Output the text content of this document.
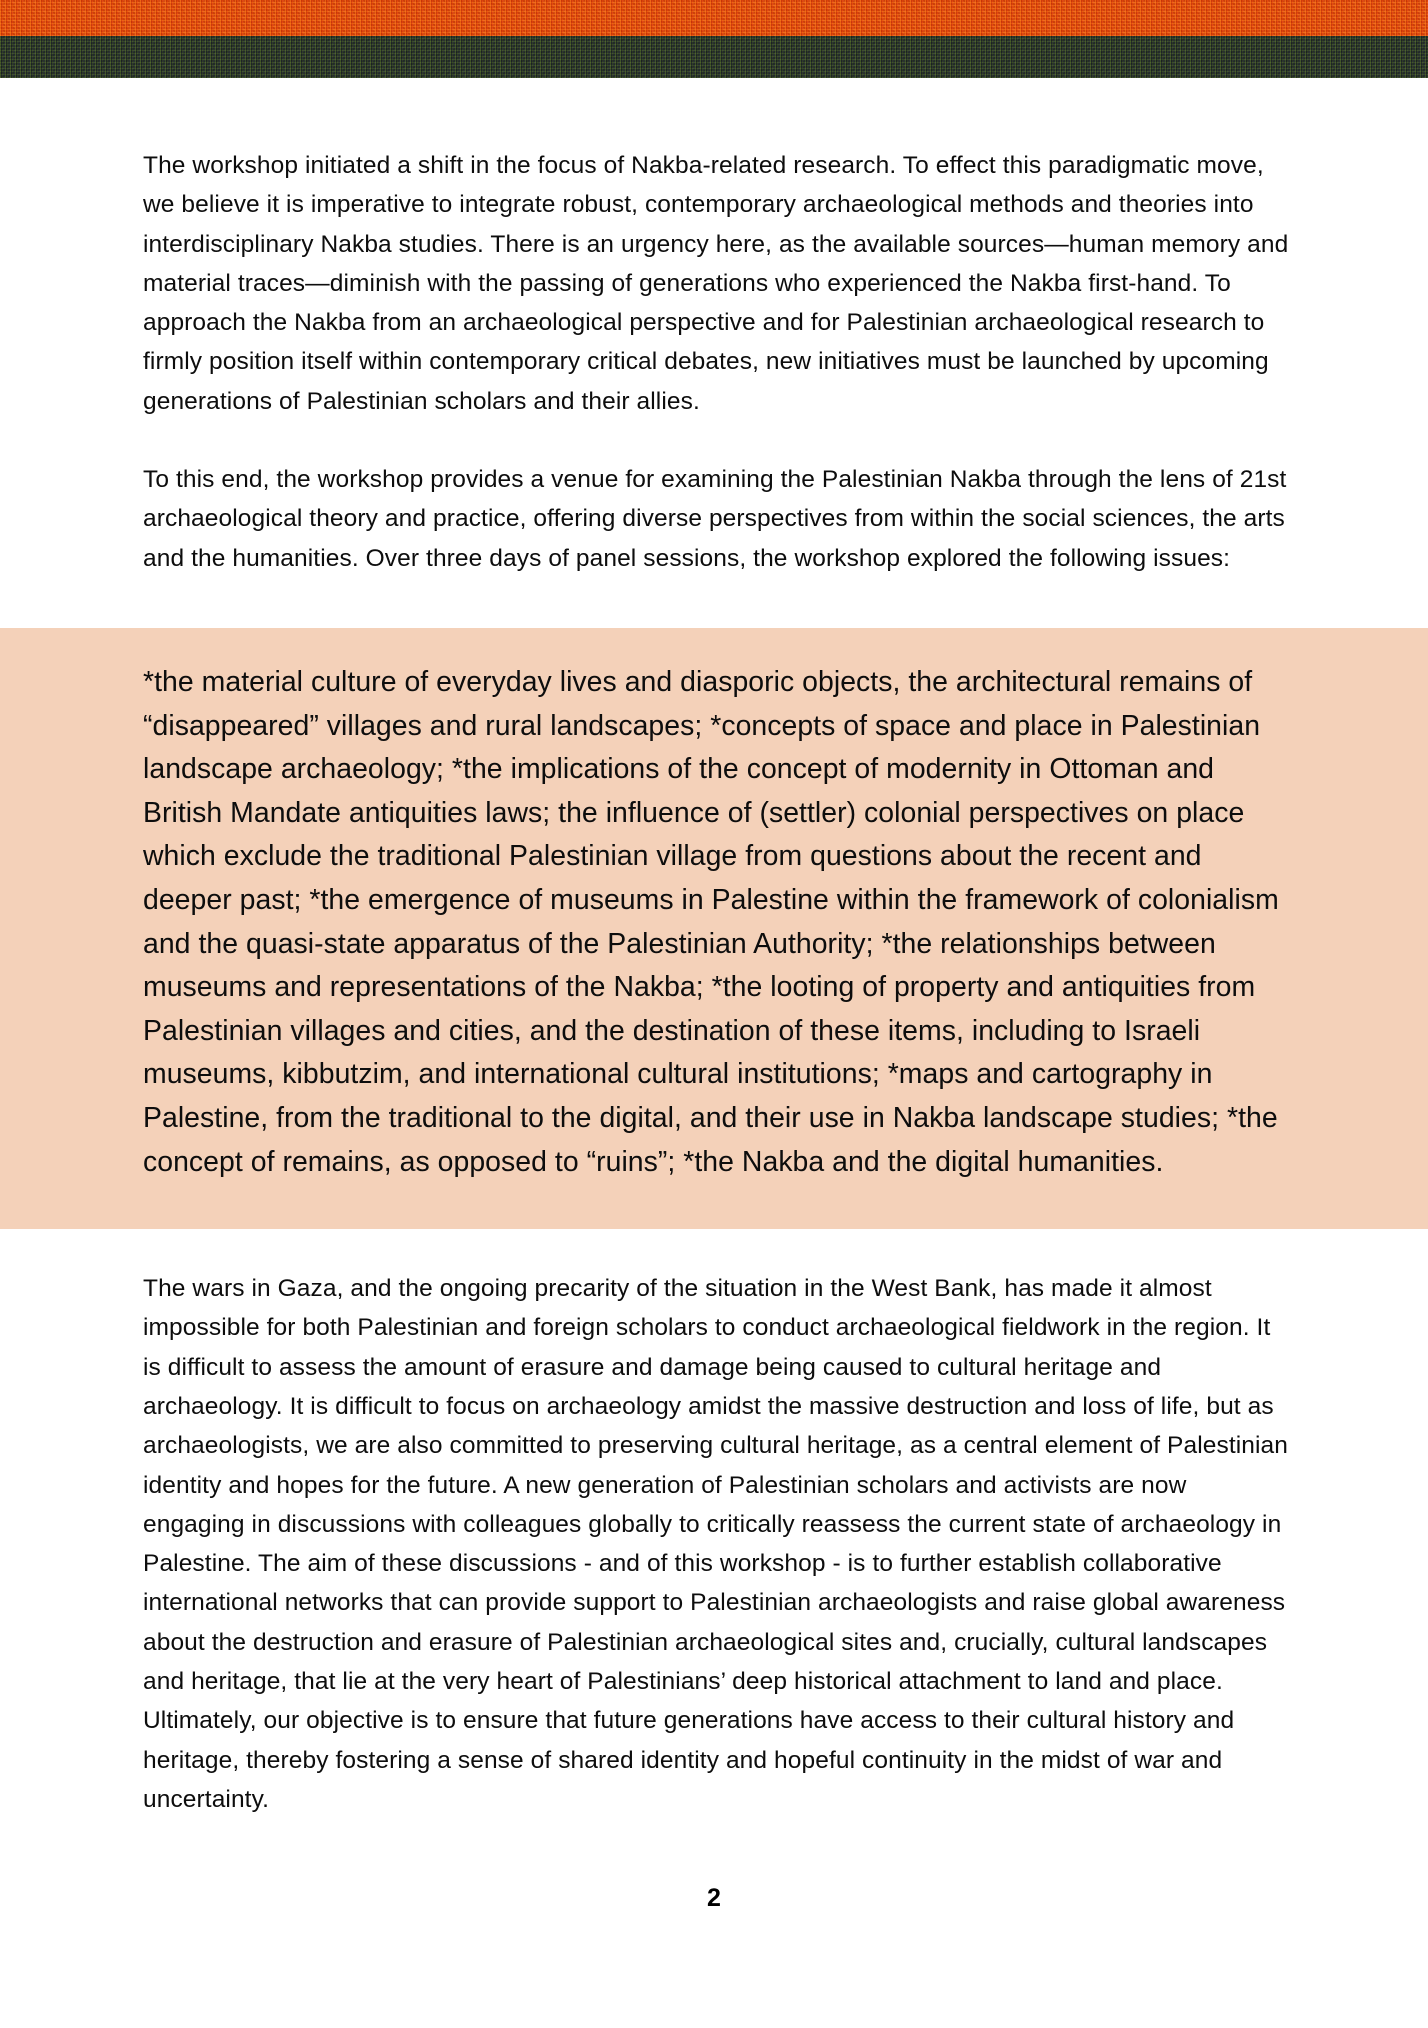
The workshop initiated a shift in the focus of Nakba-related research. To effect this paradigmatic move, we believe it is imperative to integrate robust, contemporary archaeological methods and theories into interdisciplinary Nakba studies. There is an urgency here, as the available sources—human memory and material traces—diminish with the passing of generations who experienced the Nakba first-hand. To approach the Nakba from an archaeological perspective and for Palestinian archaeological research to firmly position itself within contemporary critical debates, new initiatives must be launched by upcoming generations of Palestinian scholars and their allies.

To this end, the workshop provides a venue for examining the Palestinian Nakba through the lens of 21st archaeological theory and practice, offering diverse perspectives from within the social sciences, the arts and the humanities. Over three days of panel sessions, the workshop explored the following issues:

*the material culture of everyday lives and diasporic objects, the architectural remains of “disappeared” villages and rural landscapes; *concepts of space and place in Palestinian landscape archaeology; *the implications of the concept of modernity in Ottoman and British Mandate antiquities laws; the influence of (settler) colonial perspectives on place which exclude the traditional Palestinian village from questions about the recent and deeper past; *the emergence of museums in Palestine within the framework of colonialism and the quasi-state apparatus of the Palestinian Authority; *the relationships between museums and representations of the Nakba; *the looting of property and antiquities from Palestinian villages and cities, and the destination of these items, including to Israeli museums, kibbutzim, and international cultural institutions; *maps and cartography in Palestine, from the traditional to the digital, and their use in Nakba landscape studies; *the concept of remains, as opposed to “ruins”; *the Nakba and the digital humanities.

The wars in Gaza, and the ongoing precarity of the situation in the West Bank, has made it almost impossible for both Palestinian and foreign scholars to conduct archaeological fieldwork in the region. It is difficult to assess the amount of erasure and damage being caused to cultural heritage and archaeology. It is difficult to focus on archaeology amidst the massive destruction and loss of life, but as archaeologists, we are also committed to preserving cultural heritage, as a central element of Palestinian identity and hopes for the future. A new generation of Palestinian scholars and activists are now engaging in discussions with colleagues globally to critically reassess the current state of archaeology in Palestine. The aim of these discussions - and of this workshop - is to further establish collaborative international networks that can provide support to Palestinian archaeologists and raise global awareness about the destruction and erasure of Palestinian archaeological sites and, crucially, cultural landscapes and heritage, that lie at the very heart of Palestinians’ deep historical attachment to land and place. Ultimately, our objective is to ensure that future generations have access to their cultural history and heritage, thereby fostering a sense of shared identity and hopeful continuity in the midst of war and uncertainty.

2
